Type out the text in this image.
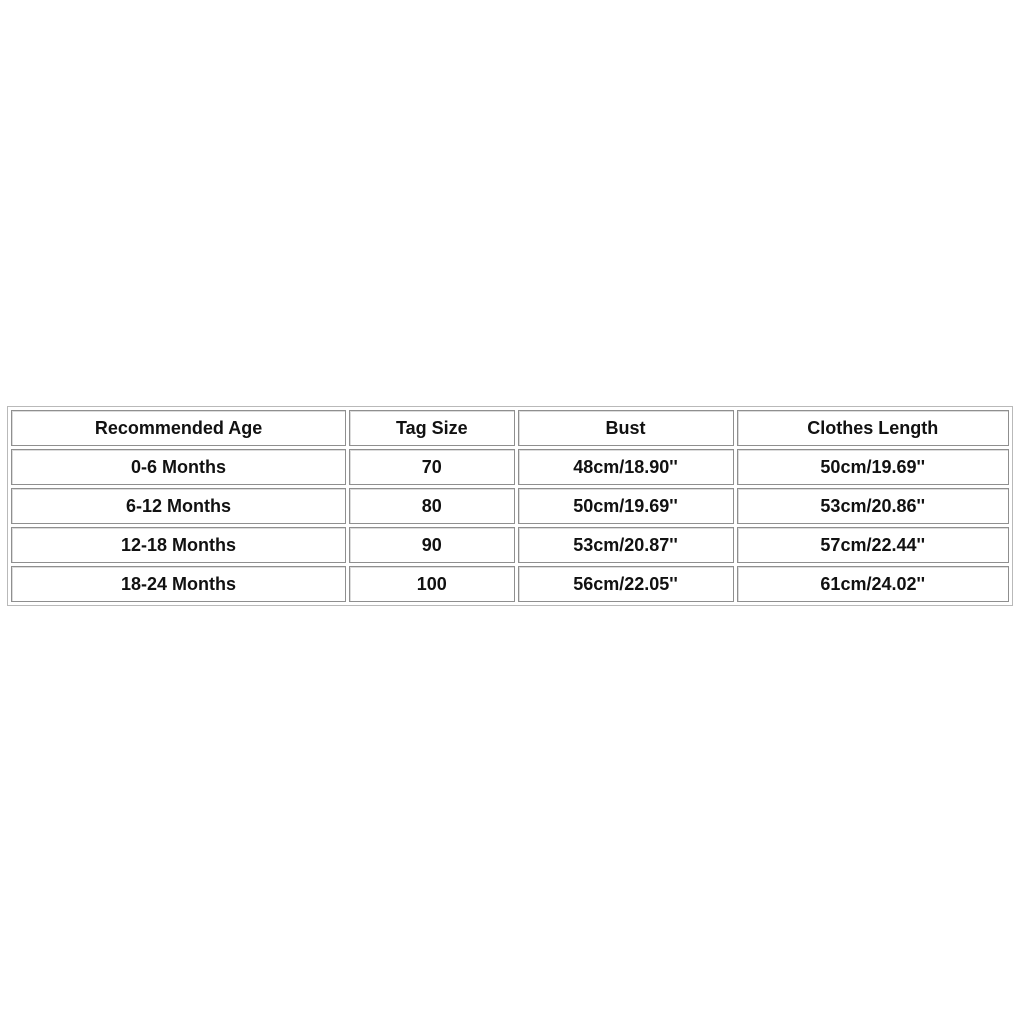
Recommended Age	Tag Size	Bust	Clothes Length
0-6 Months	70	48cm/18.90''	50cm/19.69''
6-12 Months	80	50cm/19.69''	53cm/20.86''
12-18 Months	90	53cm/20.87''	57cm/22.44''
18-24 Months	100	56cm/22.05''	61cm/24.02''
